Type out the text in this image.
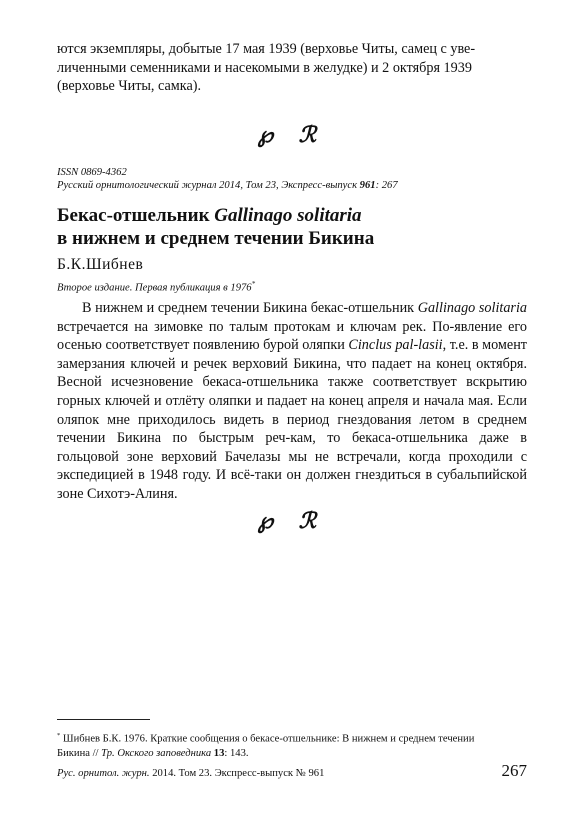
ются экземпляры, добытые 17 мая 1939 (верховье Читы, самец с уве-
личенными семенниками и насекомыми в желудке) и 2 октября 1939
(верховье Читы, самка).
℘ ℛ
ISSN 0869-4362
Русский орнитологический журнал 2014, Том 23, Экспресс-выпуск 961: 267
Бекас-отшельник Gallinago solitaria
в нижнем и среднем течении Бикина
Б.К.Шибнев
Второе издание. Первая публикация в 1976*

В нижнем и среднем течении Бикина бекас-отшельник Gallinago solitaria встречается на зимовке по талым протокам и ключам рек. По-явление его осенью соответствует появлению бурой оляпки Cinclus pal-lasii, т.е. в момент замерзания ключей и речек верховий Бикина, что падает на конец октября. Весной исчезновение бекаса-отшельника также соответствует вскрытию горных ключей и отлёту оляпки и падает на конец апреля и начала мая. Если оляпок мне приходилось видеть в период гнездования летом в среднем течении Бикина по быстрым реч-кам, то бекаса-отшельника даже в гольцовой зоне верховий Бачелазы мы не встречали, когда проходили с экспедицией в 1948 году. И всё-таки он должен гнездиться в субальпийской зоне Сихотэ-Алиня.

℘ ℛ
* Шибнев Б.К. 1976. Краткие сообщения о бекасе-отшельнике: В нижнем и среднем течении
Бикина // Тр. Окского заповедника 13: 143.
Рус. орнитол. журн. 2014. Том 23. Экспресс-выпуск № 961	267
